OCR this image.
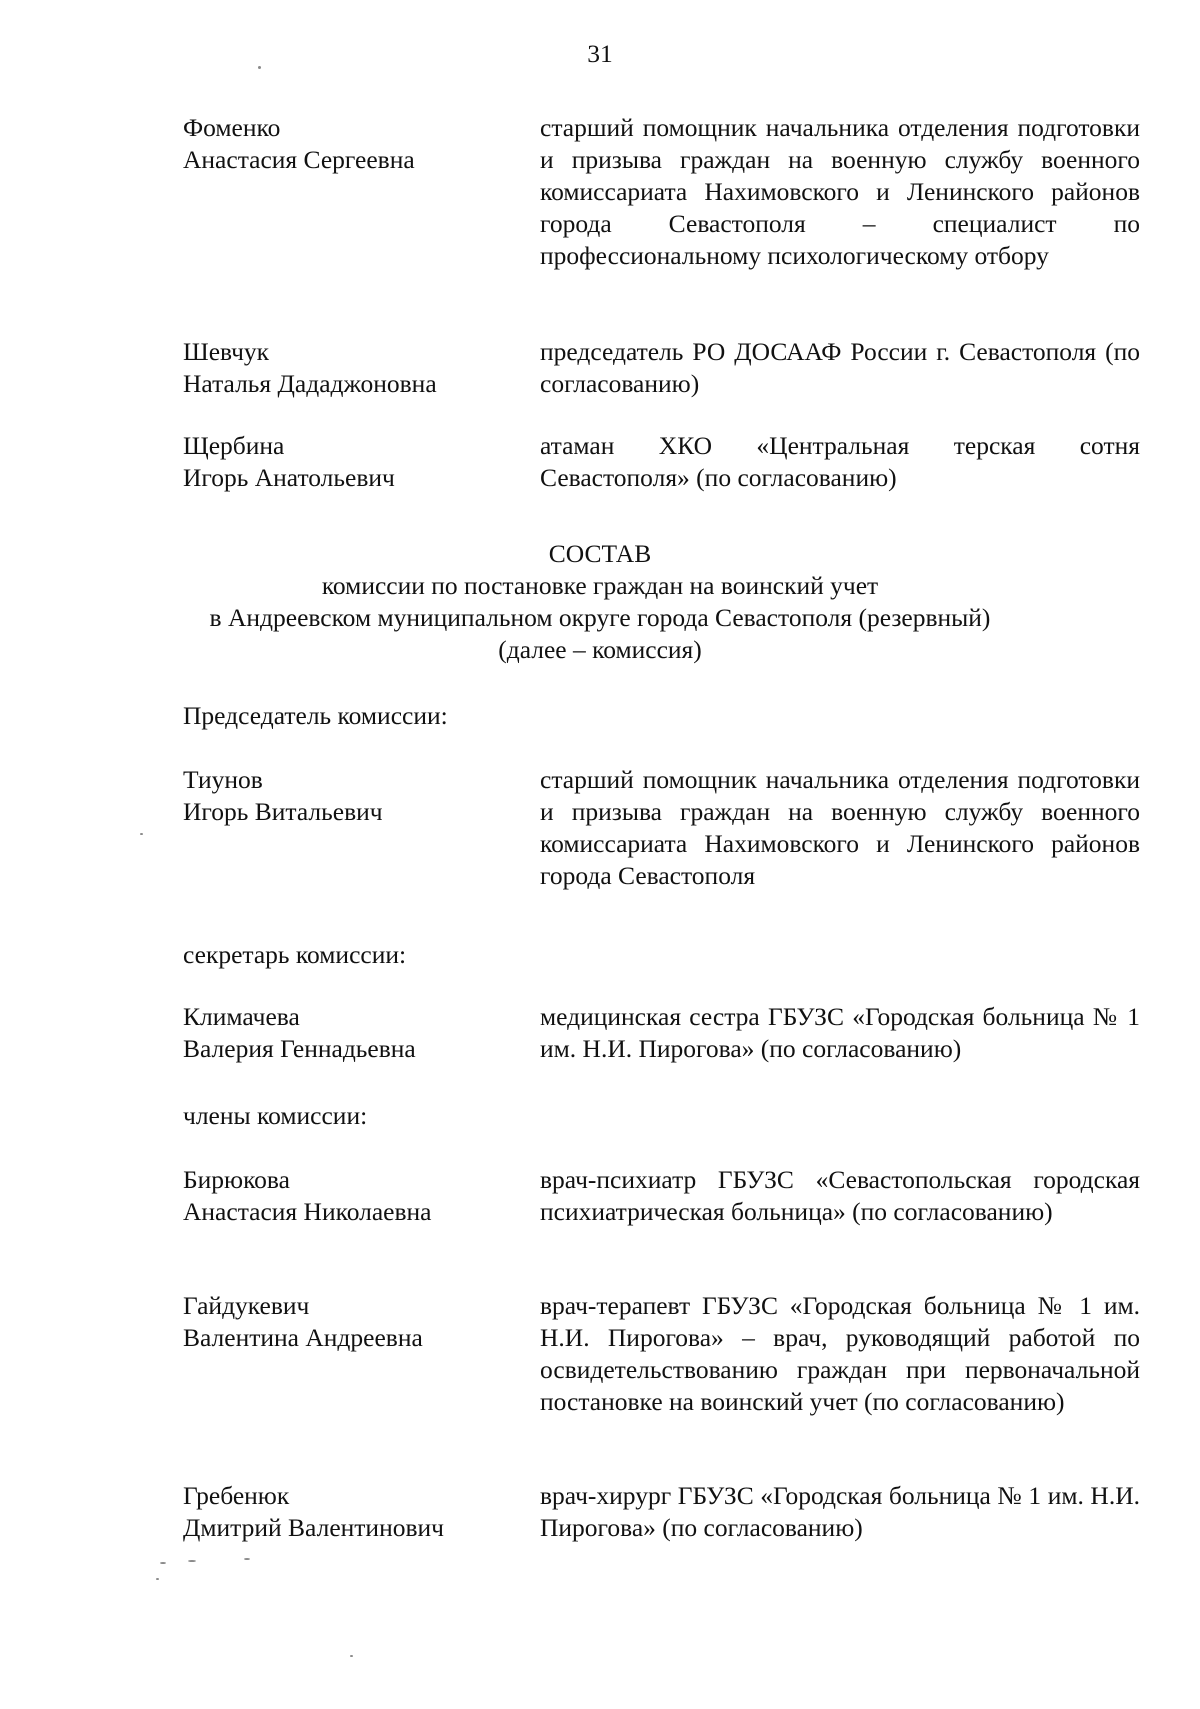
31
Фоменко
Анастасия Сергеевна
старший помощник начальника отделения подготовки и призыва граждан на военную службу военного комиссариата Нахимовского и Ленинского районов города Севастополя – специалист по профессиональному психологическому отбору
Шевчук
Наталья Дададжоновна
председатель РО ДОСААФ России г. Севастополя (по согласованию)
Щербина
Игорь Анатольевич
атаман ХКО «Центральная терская сотня Севастополя» (по согласованию)
СОСТАВ
комиссии по постановке граждан на воинский учет
в Андреевском муниципальном округе города Севастополя (резервный)
(далее – комиссия)
Председатель комиссии:
Тиунов
Игорь Витальевич
старший помощник начальника отделения подготовки и призыва граждан на военную службу военного комиссариата Нахимовского и Ленинского районов города Севастополя
секретарь комиссии:
Климачева
Валерия Геннадьевна
медицинская сестра ГБУЗС «Городская больница № 1 им. Н.И. Пирогова» (по согласованию)
члены комиссии:
Бирюкова
Анастасия Николаевна
врач-психиатр ГБУЗС «Севастопольская городская психиатрическая больница» (по согласованию)
Гайдукевич
Валентина Андреевна
врач-терапевт ГБУЗС «Городская больница № 1 им. Н.И. Пирогова» – врач, руководящий работой по освидетельствованию граждан при первоначальной постановке на воинский учет (по согласованию)
Гребенюк
Дмитрий Валентинович
врач-хирург ГБУЗС «Городская больница № 1 им. Н.И. Пирогова» (по согласованию)
